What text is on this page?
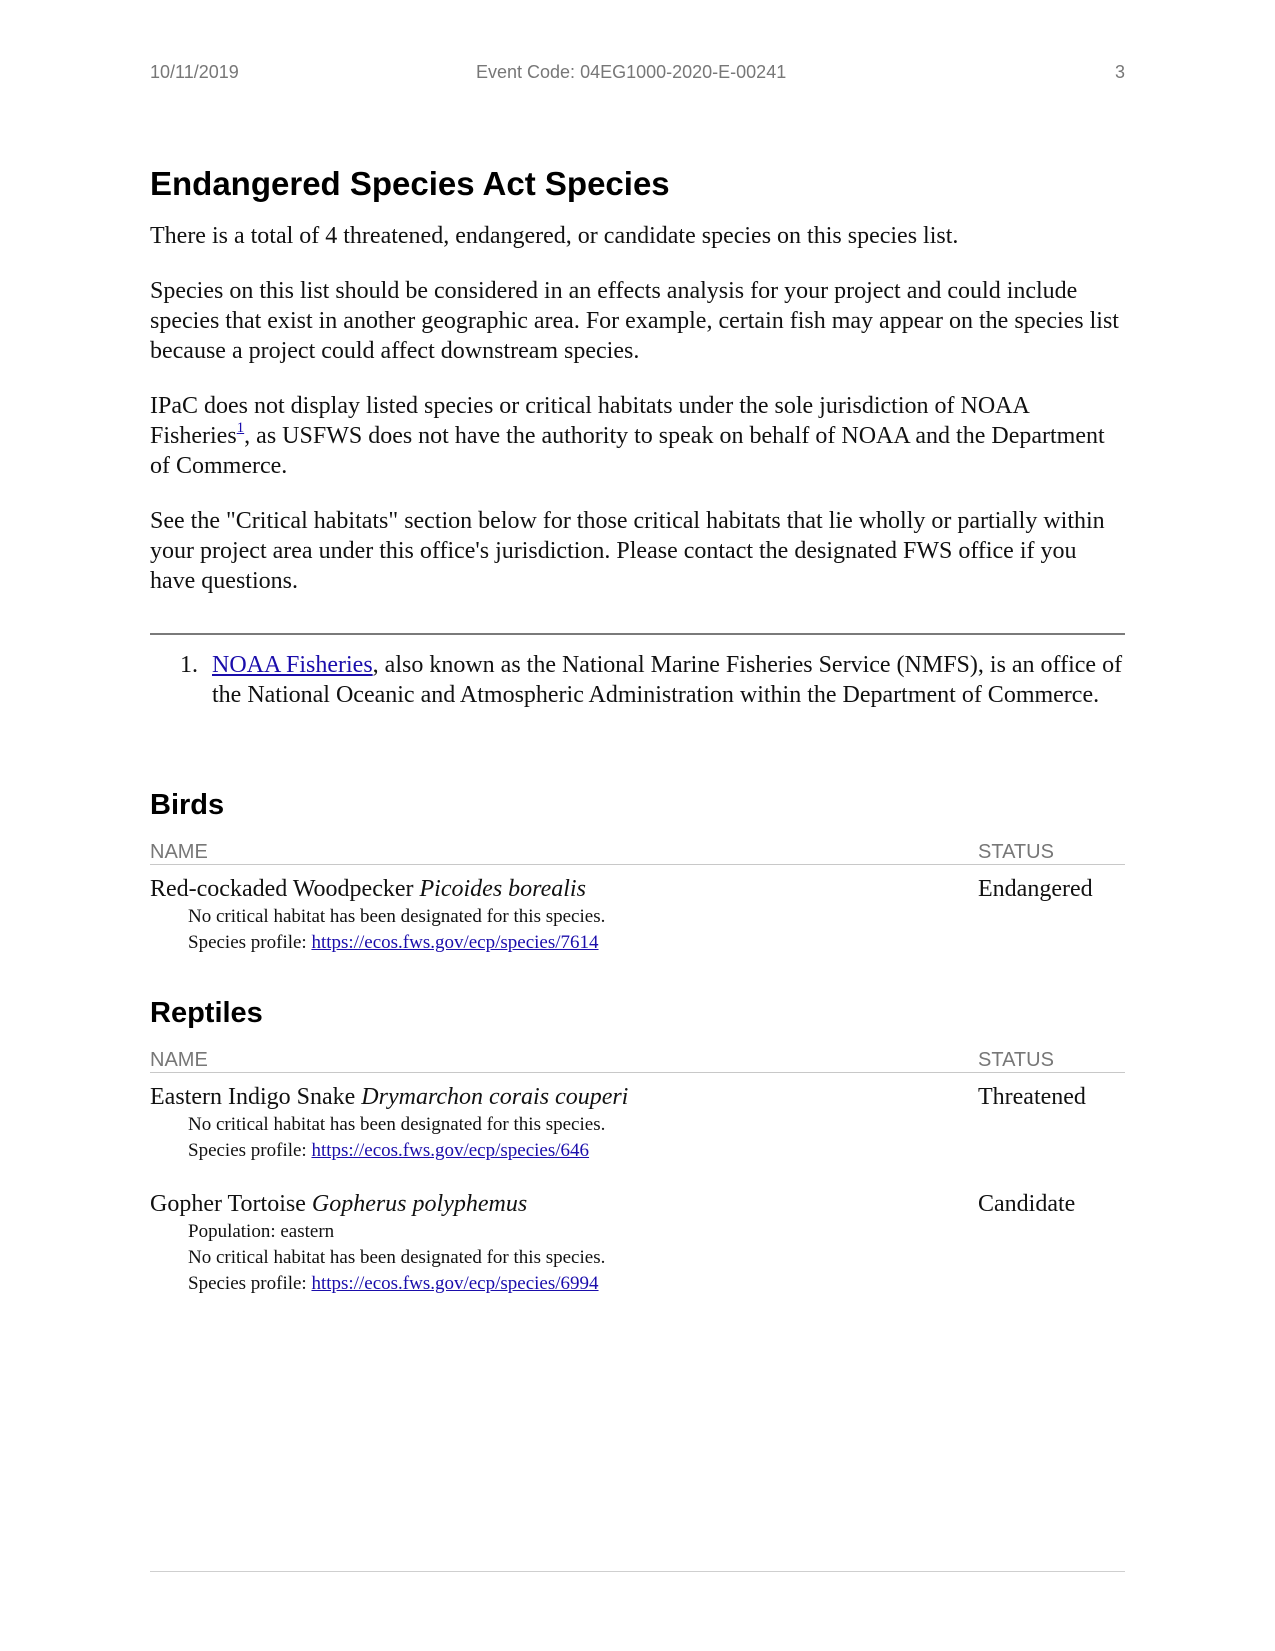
10/11/2019	Event Code: 04EG1000-2020-E-00241	3
Endangered Species Act Species

There is a total of 4 threatened, endangered, or candidate species on this species list.

Species on this list should be considered in an effects analysis for your project and could include species that exist in another geographic area. For example, certain fish may appear on the species list because a project could affect downstream species.

IPaC does not display listed species or critical habitats under the sole jurisdiction of NOAA Fisheries$^1$, as USFWS does not have the authority to speak on behalf of NOAA and the Department of Commerce.

See the "Critical habitats" section below for those critical habitats that lie wholly or partially within your project area under this office's jurisdiction. Please contact the designated FWS office if you have questions.

1. NOAA Fisheries, also known as the National Marine Fisheries Service (NMFS), is an office of the National Oceanic and Atmospheric Administration within the Department of Commerce.
Birds
NAME	STATUS
Red-cockaded Woodpecker Picoides borealis	Endangered
No critical habitat has been designated for this species.
Species profile: https://ecos.fws.gov/ecp/species/7614
Reptiles
NAME	STATUS
Eastern Indigo Snake Drymarchon corais couperi	Threatened
No critical habitat has been designated for this species.
Species profile: https://ecos.fws.gov/ecp/species/646
Gopher Tortoise Gopherus polyphemus	Candidate
Population: eastern
No critical habitat has been designated for this species.
Species profile: https://ecos.fws.gov/ecp/species/6994
